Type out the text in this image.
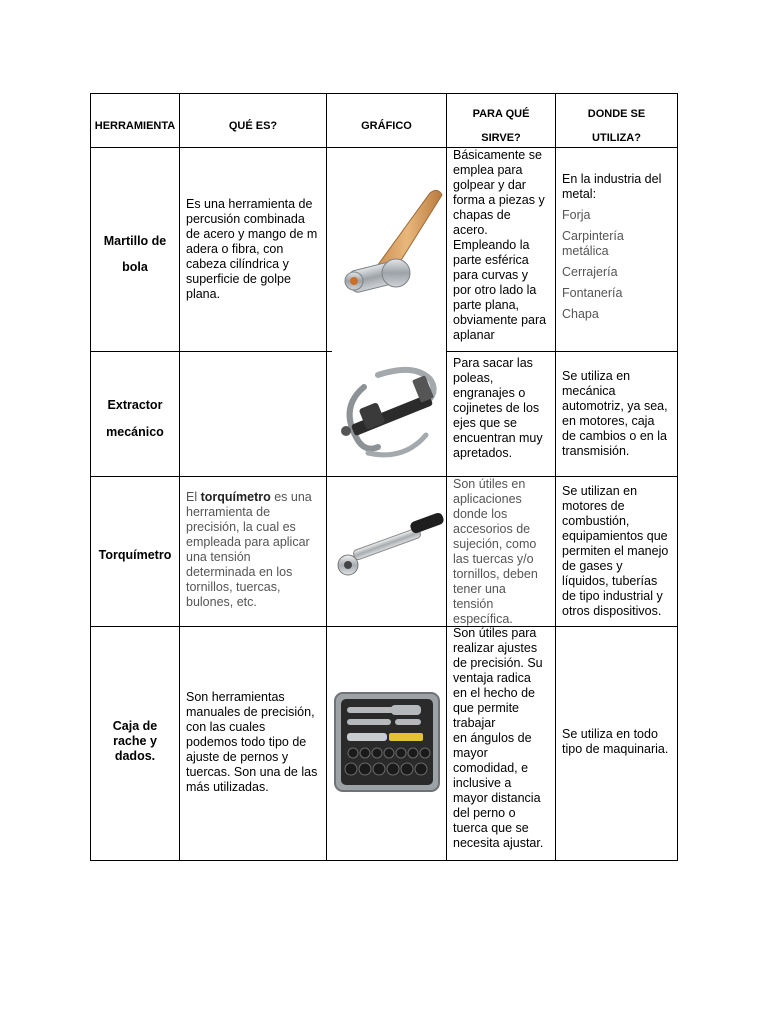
HERRAMIENTA	QUÉ ES?	GRÁFICO
PARA QUÉ
SIRVE?
DONDE SE
UTILIZA?
Martillo de
bola
Es una herramienta de
percusión combinada
de acero y mango de m
adera o fibra, con
cabeza cilíndrica y
superficie de golpe
plana.
Básicamente se
emplea para
golpear y dar
forma a piezas y
chapas de
acero.
Empleando la
parte esférica
para curvas y
por otro lado la
parte plana,
obviamente para
aplanar
En la industria del
metal:
Forja
Carpintería
metálica
Cerrajería
Fontanería
Chapa
Extractor
mecánico
Para sacar las
poleas,
engranajes o
cojinetes de los
ejes que se
encuentran muy
apretados.
Se utiliza en
mecánica
automotriz, ya sea,
en motores, caja
de cambios o en la
transmisión.
Torquímetro
El torquímetro es una
herramienta de
precisión, la cual es
empleada para aplicar
una tensión
determinada en los
tornillos, tuercas,
bulones, etc.
Son útiles en
aplicaciones
donde los
accesorios de
sujeción, como
las tuercas y/o
tornillos, deben
tener una
tensión
específica.
Se utilizan en
motores de
combustión,
equipamientos que
permiten el manejo
de gases y
líquidos, tuberías
de tipo industrial y
otros dispositivos.
Caja de
rache y
dados.
Son herramientas
manuales de precisión,
con las cuales
podemos todo tipo de
ajuste de pernos y
tuercas. Son una de las
más utilizadas.
Son útiles para
realizar ajustes
de precisión. Su
ventaja radica
en el hecho de
que permite
trabajar
en ángulos de
mayor
comodidad, e
inclusive a
mayor distancia
del perno o
tuerca que se
necesita ajustar.
Se utiliza en todo
tipo de maquinaria.
